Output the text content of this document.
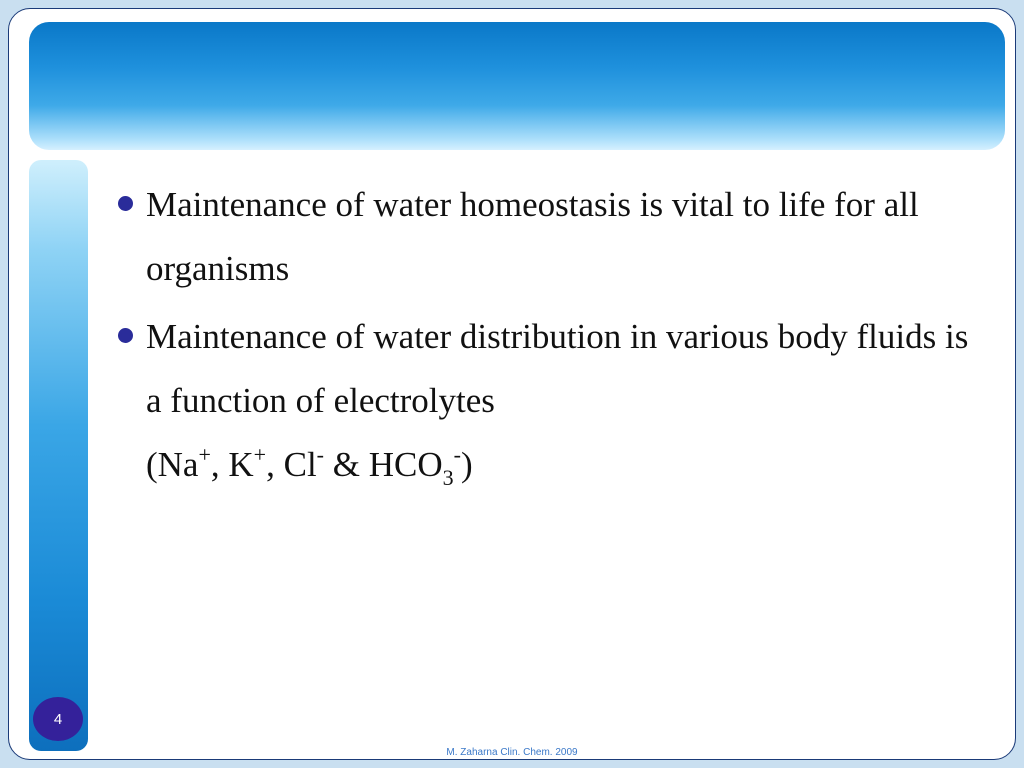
4
Maintenance of water homeostasis is vital to life for all organisms
Maintenance of water distribution in various body fluids is a function of electrolytes
(Na+, K+, Cl- & $HCO_3^-$)
M. Zaharna Clin. Chem. 2009
